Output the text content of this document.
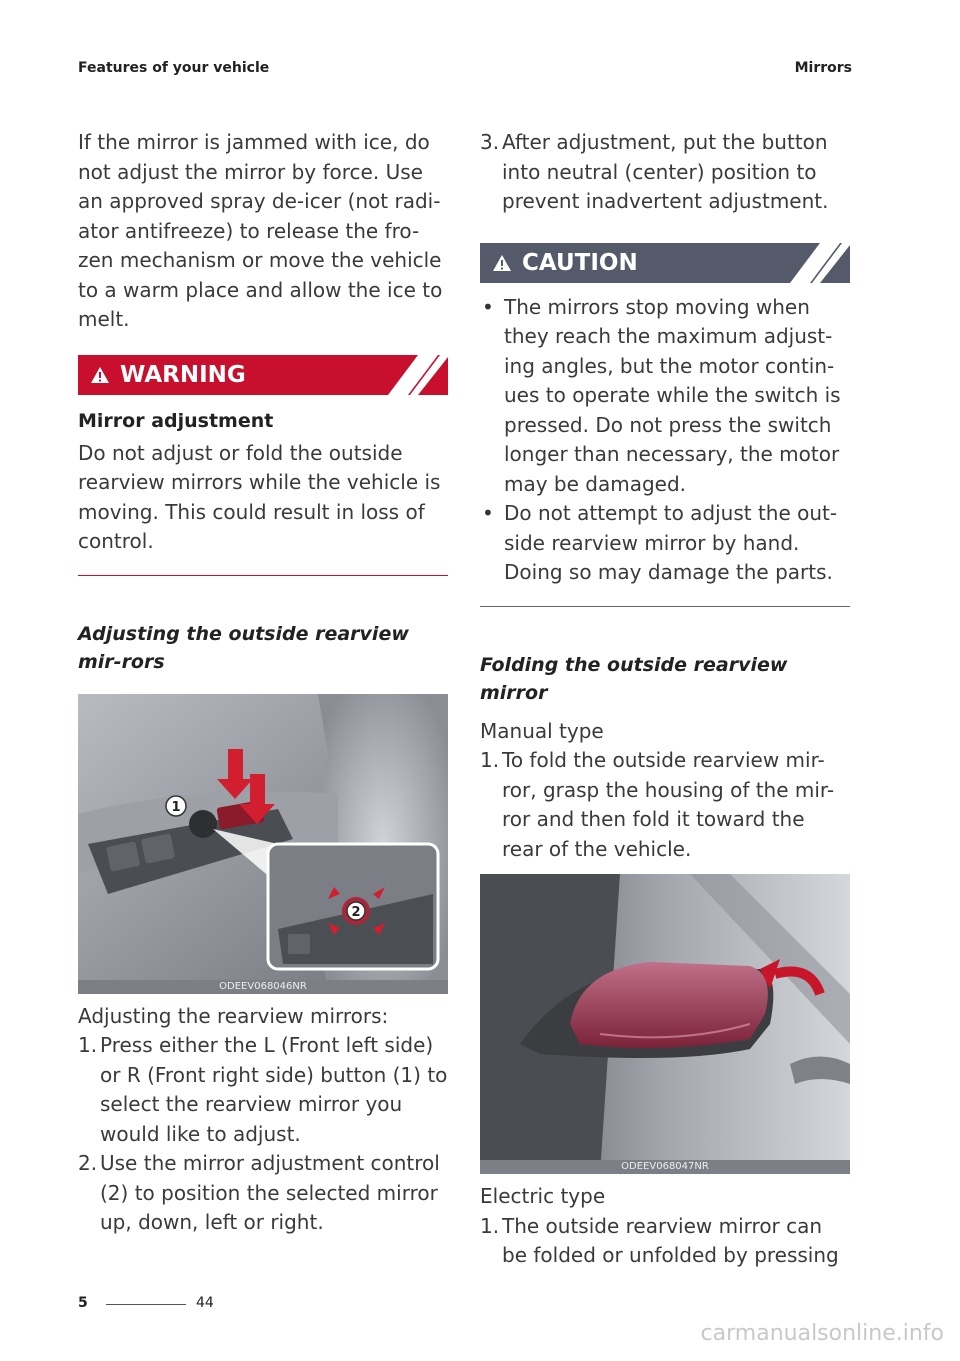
Features of your vehicle	Mirrors

If the mirror is jammed with ice, do not adjust the mirror by force. Use an approved spray de-icer (not radi-ator antifreeze) to release the fro-zen mechanism or move the vehicle to a warm place and allow the ice to melt.

WARNING
Mirror adjustment

Do not adjust or fold the outside rearview mirrors while the vehicle is moving. This could result in loss of control.

Adjusting the outside rearview mir-rors
1
2
ODEEV068046NR

Adjusting the rearview mirrors:

1. Press either the L (Front left side) or R (Front right side) button (1) to select the rearview mirror you would like to adjust.

2. Use the mirror adjustment control (2) to position the selected mirror up, down, left or right.

3. After adjustment, put the button into neutral (center) position to prevent inadvertent adjustment.

CAUTION
• The mirrors stop moving when they reach the maximum adjust-ing angles, but the motor contin-ues to operate while the switch is pressed. Do not press the switch longer than necessary, the motor may be damaged.

• Do not attempt to adjust the out-side rearview mirror by hand. Doing so may damage the parts.

Folding the outside rearview mirror

Manual type

1. To fold the outside rearview mir-ror, grasp the housing of the mir-ror and then fold it toward the rear of the vehicle.

ODEEV068047NR

Electric type

1. The outside rearview mirror can be folded or unfolded by pressing

5	44
carmanualsonline.info
